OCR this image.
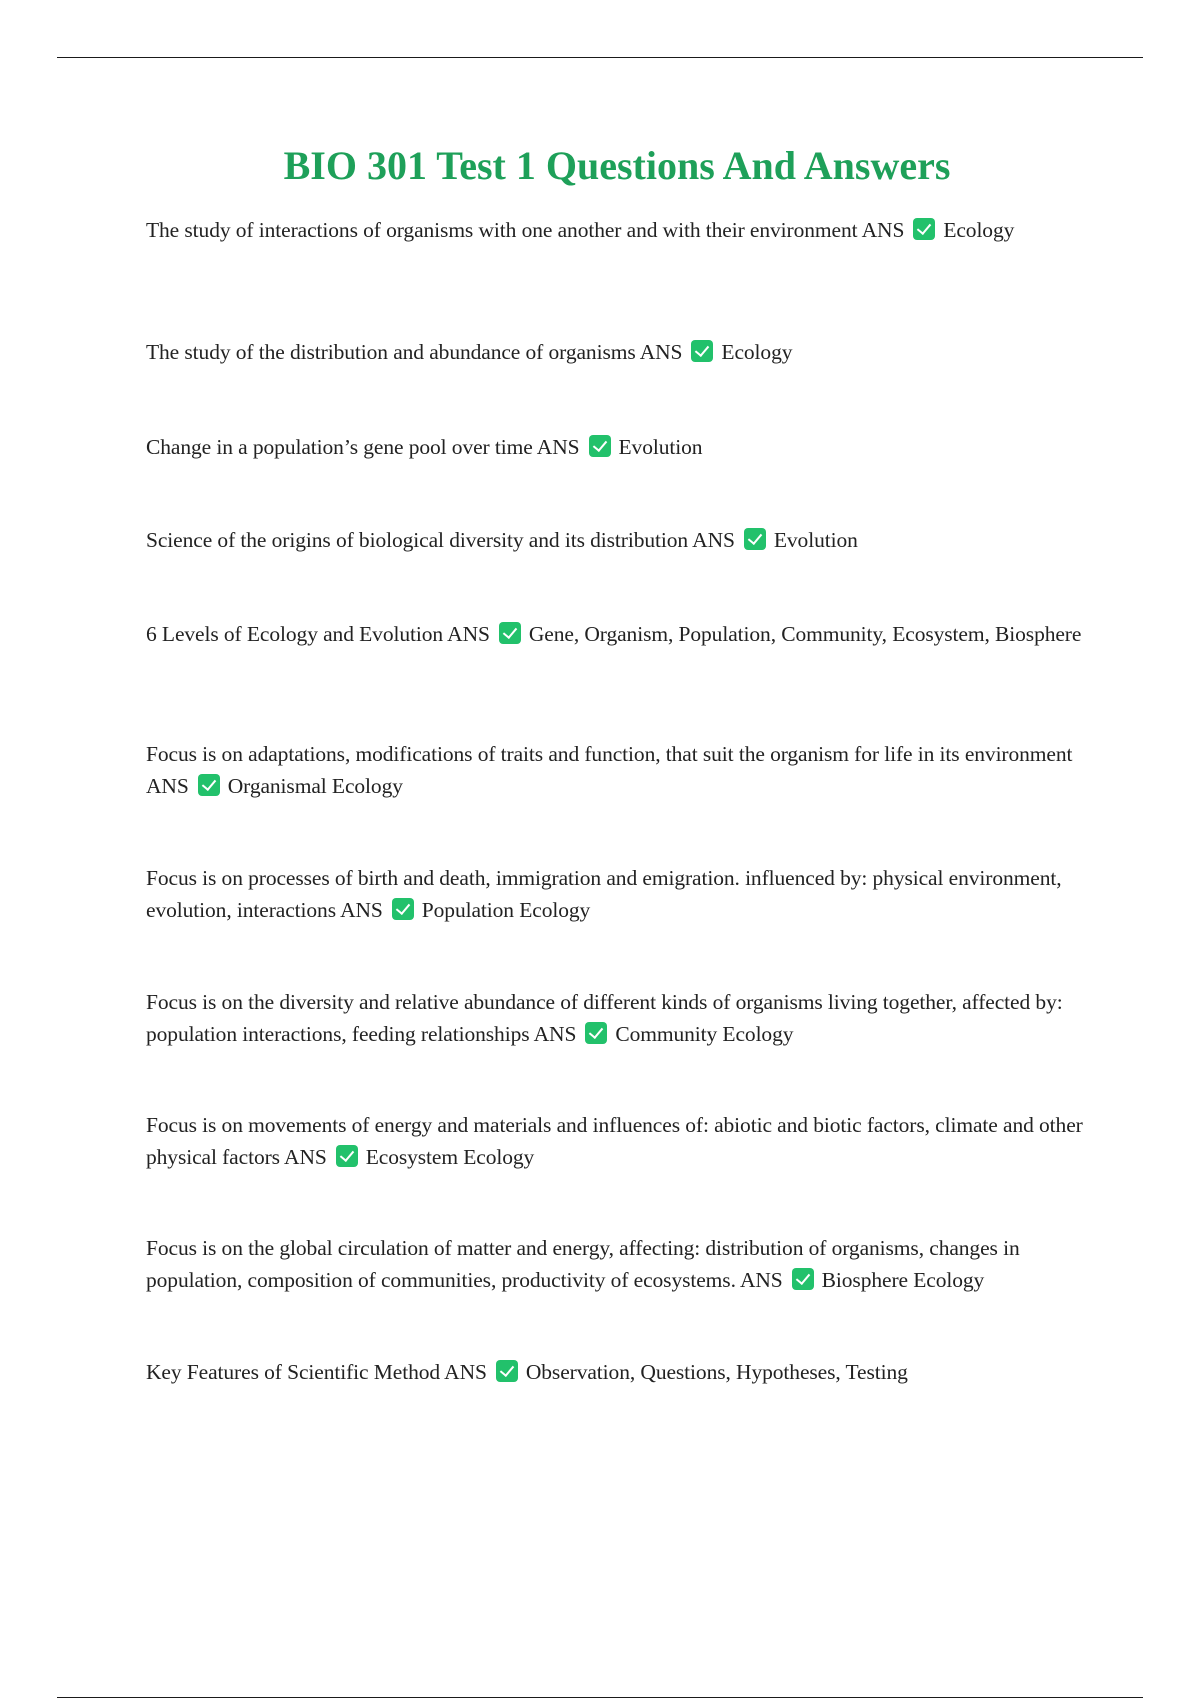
BIO 301 Test 1 Questions And Answers

The study of interactions of organisms with one another and with their environment ANS Ecology

The study of the distribution and abundance of organisms ANS Ecology

Change in a population’s gene pool over time ANS Evolution

Science of the origins of biological diversity and its distribution ANS Evolution

6 Levels of Ecology and Evolution ANS Gene, Organism, Population, Community, Ecosystem, Biosphere

Focus is on adaptations, modifications of traits and function, that suit the organism for life in its environment ANS Organismal Ecology

Focus is on processes of birth and death, immigration and emigration. influenced by: physical environment, evolution, interactions ANS Population Ecology

Focus is on the diversity and relative abundance of different kinds of organisms living together, affected by: population interactions, feeding relationships ANS Community Ecology

Focus is on movements of energy and materials and influences of: abiotic and biotic factors, climate and other physical factors ANS Ecosystem Ecology

Focus is on the global circulation of matter and energy, affecting: distribution of organisms, changes in population, composition of communities, productivity of ecosystems. ANS Biosphere Ecology

Key Features of Scientific Method ANS Observation, Questions, Hypotheses, Testing
